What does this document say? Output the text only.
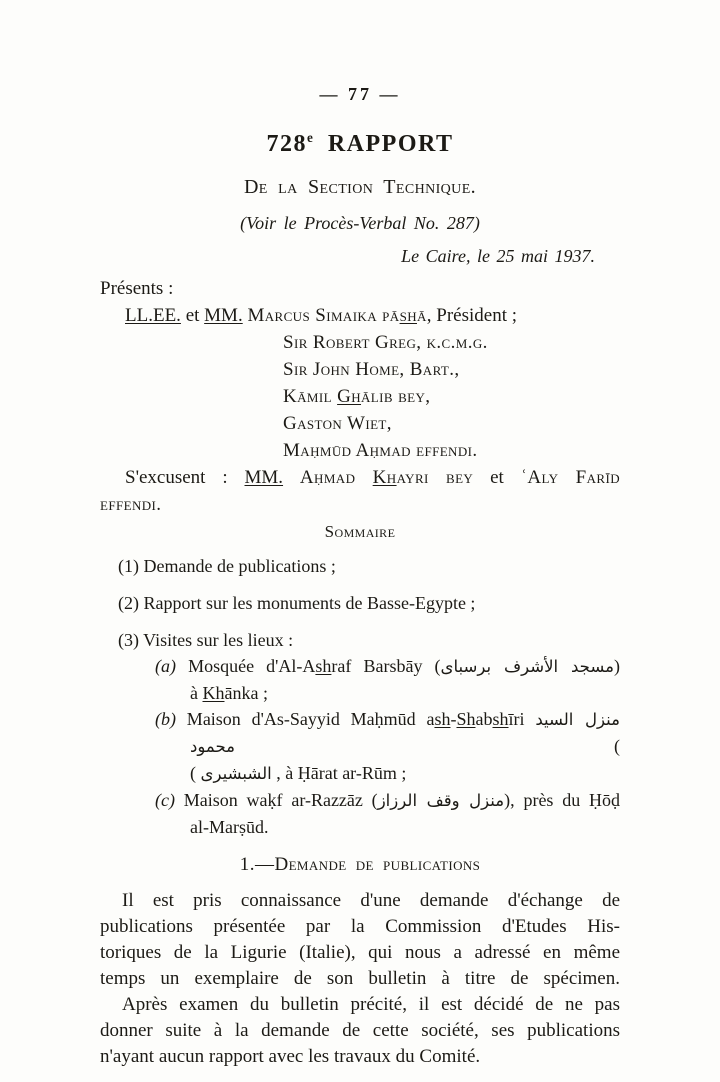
— 77 —
728e RAPPORT
De la Section Technique.
(Voir le Procès-Verbal No. 287)
Le Caire, le 25 mai 1937.
Présents :
LL.EE. et MM. Marcus Simaika pāshā, Président ;
Sir Robert Greg, k.c.m.g.
Sir John Home, Bart.,
Kāmil Ghālib bey,
Gaston Wiet,
Maḥmūd Aḥmad effendi.
S'excusent : MM. Aḥmad Khayri bey et ʿAly Farīd
effendi.
Sommaire
(1) Demande de publications ;
(2) Rapport sur les monuments de Basse-Egypte ;
(3) Visites sur les lieux :
(a) Mosquée d'Al-Ashraf Barsbāy (مسجد الأشرف برسباى)
à Khānka ;
(b) Maison d'As-Sayyid Maḥmūd ash-Shabshīri منزل السيد محمود (
( الشبشيرى , à Ḥārat ar-Rūm ;
(c) Maison waḳf ar-Razzāz (منزل وقف الرزاز), près du Ḥōḍ
al-Marṣūd.
1.—Demande de publications
Il est pris connaissance d'une demande d'échange de
publications présentée par la Commission d'Etudes His-
toriques de la Ligurie (Italie), qui nous a adressé en même
temps un exemplaire de son bulletin à titre de spécimen.
Après examen du bulletin précité, il est décidé de ne pas
donner suite à la demande de cette société, ses publications
n'ayant aucun rapport avec les travaux du Comité.
